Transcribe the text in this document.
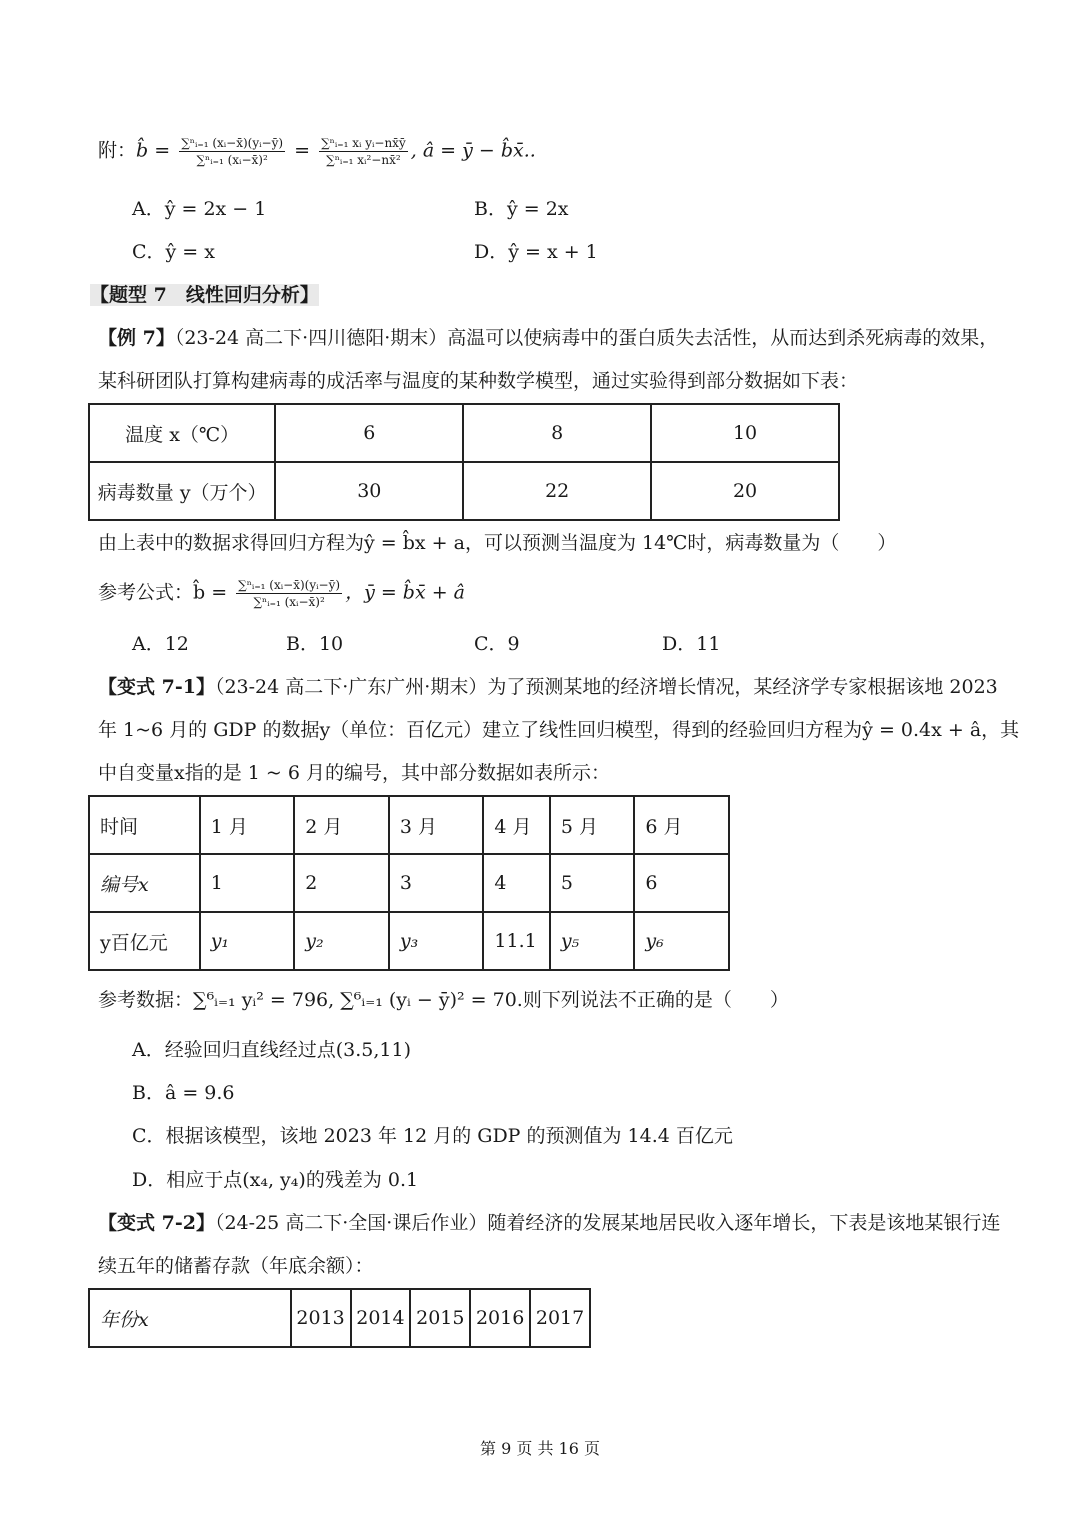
附：b̂ = $\frac{\text{∑ⁿᵢ₌₁ (xᵢ−x̄)(yᵢ−ȳ)}}{\text{∑ⁿᵢ₌₁ (xᵢ−x̄)²}} = \frac{\text{∑ⁿᵢ₌₁ xᵢ yᵢ−nx̄ȳ}}{\text{∑ⁿᵢ₌₁ xᵢ²−nx̄²}}$ , â = ȳ − b̂x̄..
A．ŷ = 2x − 1	B．ŷ = 2x
C．ŷ = x	D．ŷ = x + 1
【题型 7　线性回归分析】
【例 7】（23-24 高二下·四川德阳·期末）高温可以使病毒中的蛋白质失去活性，从而达到杀死病毒的效果，
某科研团队打算构建病毒的成活率与温度的某种数学模型，通过实验得到部分数据如下表：
温度 x（℃）	6	8	10
病毒数量 y（万个）	30	22	20
由上表中的数据求得回归方程为ŷ = b̂x + a，可以预测当温度为 14℃时，病毒数量为（　　）
参考公式：b̂ = $\frac{\text{∑ⁿᵢ₌₁ (xᵢ−x̄)(yᵢ−ȳ)}}{\text{∑ⁿᵢ₌₁ (xᵢ−x̄)²}}$ ，ȳ = b̂x̄ + â
A．12	B．10	C．9	D．11
【变式 7-1】（23-24 高二下·广东广州·期末）为了预测某地的经济增长情况，某经济学专家根据该地 2023
年 1~6 月的 GDP 的数据y（单位：百亿元）建立了线性回归模型，得到的经验回归方程为ŷ = 0.4x + â，其
中自变量x指的是 1 ~ 6 月的编号，其中部分数据如表所示：
时间	1 月	2 月	3 月	4 月	5 月	6 月
编号x	1	2	3	4	5	6
y百亿元	y₁	y₂	y₃	11.1	y₅	y₆
参考数据：∑⁶ᵢ₌₁ yᵢ² = 796, ∑⁶ᵢ₌₁ (yᵢ − ȳ)² = 70.则下列说法不正确的是（　　）
A．经验回归直线经过点(3.5,11)
B．â = 9.6
C．根据该模型，该地 2023 年 12 月的 GDP 的预测值为 14.4 百亿元
D．相应于点(x₄, y₄)的残差为 0.1
【变式 7-2】（24-25 高二下·全国·课后作业）随着经济的发展某地居民收入逐年增长，下表是该地某银行连
续五年的储蓄存款（年底余额）：
年份x	2013	2014	2015	2016	2017
第 9 页 共 16 页
